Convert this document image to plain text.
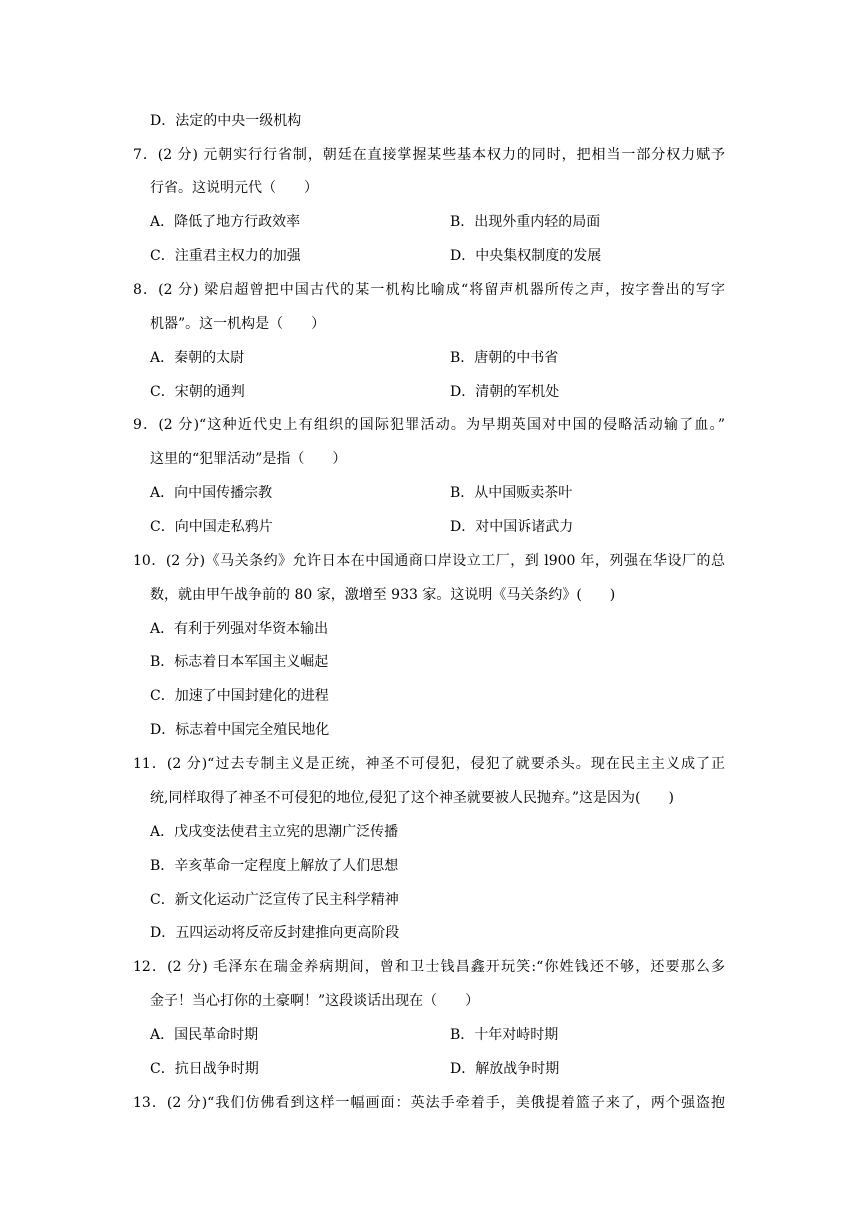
D．法定的中央一级机构
7．(2 分) 元朝实行行省制，朝廷在直接掌握某些基本权力的同时，把相当一部分权力赋予
行省。这说明元代（　　）
A．降低了地方行政效率	B．出现外重内轻的局面
C．注重君主权力的加强	D．中央集权制度的发展
8．(2 分) 梁启超曾把中国古代的某一机构比喻成“将留声机器所传之声，按字誊出的写字
机器”。这一机构是（　　）
A．秦朝的太尉	B．唐朝的中书省
C．宋朝的通判	D．清朝的军机处
9．(2 分)“这种近代史上有组织的国际犯罪活动。为早期英国对中国的侵略活动输了血。”
这里的“犯罪活动”是指（　　）
A．向中国传播宗教	B．从中国贩卖茶叶
C．向中国走私鸦片	D．对中国诉诸武力
10．(2 分)《马关条约》允许日本在中国通商口岸设立工厂，到 l900 年，列强在华设厂的总
数，就由甲午战争前的 80 家，激增至 933 家。这说明《马关条约》(　　)
A．有利于列强对华资本输出
B．标志着日本军国主义崛起
C．加速了中国封建化的进程
D．标志着中国完全殖民地化
11．(2 分)“过去专制主义是正统，神圣不可侵犯，侵犯了就要杀头。现在民主主义成了正
统,同样取得了神圣不可侵犯的地位,侵犯了这个神圣就要被人民抛弃。”这是因为(　　)
A．戊戌变法使君主立宪的思潮广泛传播
B．辛亥革命一定程度上解放了人们思想
C．新文化运动广泛宣传了民主科学精神
D．五四运动将反帝反封建推向更高阶段
12．(2 分) 毛泽东在瑞金养病期间，曾和卫士钱昌鑫开玩笑:“你姓钱还不够，还要那么多
金子！当心打你的土豪啊！”这段谈话出现在（　　）
A．国民革命时期	B．十年对峙时期
C．抗日战争时期	D．解放战争时期
13．(2 分)“我们仿佛看到这样一幅画面：英法手牵着手，美俄提着篮子来了，两个强盗抱
